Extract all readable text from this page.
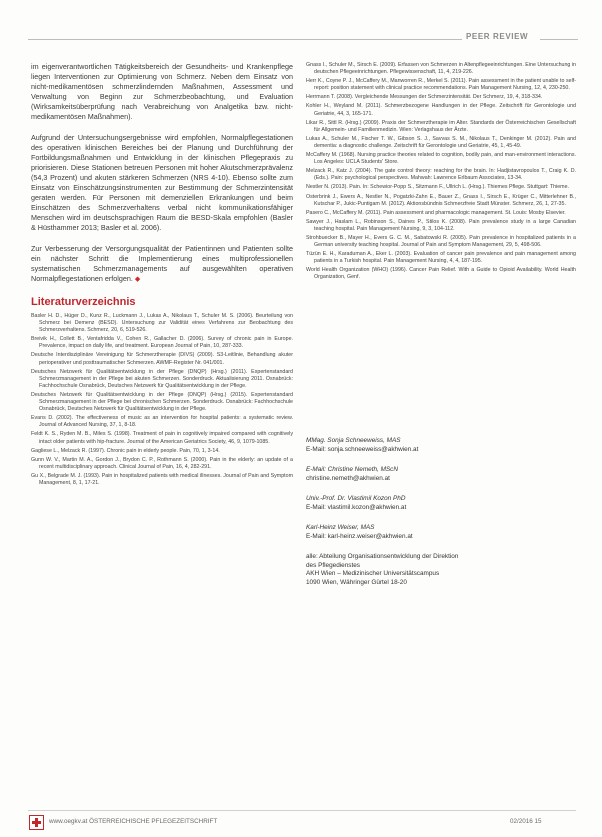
PEER REVIEW

im eigenverantwortlichen Tätigkeitsbereich der Gesundheits- und Krankenpflege liegen Interventionen zur Optimierung von Schmerz. Neben dem Einsatz von nicht-medikamentösen schmerzlindernden Maßnahmen, Assessment und Verwaltung von Beginn zur Schmerzbeobachtung, und Evaluation (Wirksamkeitsüberprüfung nach Verabreichung von Analgetika bzw. nicht-medikamentösen Maßnahmen).

Aufgrund der Untersuchungsergebnisse wird empfohlen, Normalpflegestationen des operativen klinischen Bereiches bei der Planung und Durchführung der Fortbildungsmaßnahmen und Entwicklung in der klinischen Pflegepraxis zu priorisieren. Diese Stationen betreuen Personen mit hoher Akutschmerzprävalenz (54,3 Prozent) und akuten stärkeren Schmerzen (NRS 4-10). Ebenso sollte zum Einsatz von Einschätzungsinstrumenten zur Bestimmung der Schmerzintensität geraten werden. Für Personen mit demenziellen Erkrankungen und beim Einschätzen des Schmerzverhaltens verbal nicht kommunikationsfähiger Menschen wird im deutschsprachigen Raum die BESD-Skala empfohlen (Basler & Hüsthammer 2013; Basler et al. 2006).

Zur Verbesserung der Versorgungsqualität der Patientinnen und Patienten sollte ein nächster Schritt die Implementierung eines multiprofessionellen systematischen Schmerzmanagements auf ausgewählten operativen Normalpflegestationen erfolgen. ◆

Literaturverzeichnis

Basler H. D., Hüger D., Kunz R., Luckmann J., Lukas A., Nikolaus T., Schuler M. S. (2006). Beurteilung von Schmerz bei Demenz (BESD). Untersuchung zur Validität eines Verfahrens zur Beobachtung des Schmerzverhaltens. Schmerz, 20, 6, 519-526.

Breivik H., Collett B., Ventafridda V., Cohen R., Gallacher D. (2006). Survey of chronic pain in Europe. Prevalence, impact on daily life, and treatment. European Journal of Pain, 10, 287-333.

Deutsche Interdisziplinäre Vereinigung für Schmerztherapie (DIVS) (2009). S3-Leitlinie, Behandlung akuter perioperativer und posttraumatischer Schmerzen. AWMF-Register Nr. 041/001.

Deutsches Netzwerk für Qualitätsentwicklung in der Pflege (DNQP) (Hrsg.) (2011). Expertenstandard Schmerzmanagement in der Pflege bei akuten Schmerzen. Sonderdruck. Aktualisierung 2011. Osnabrück: Fachhochschule Osnabrück, Deutsches Netzwerk für Qualitätsentwicklung in der Pflege.

Deutsches Netzwerk für Qualitätsentwicklung in der Pflege (DNQP) (Hrsg.) (2015). Expertenstandard Schmerzmanagement in der Pflege bei chronischen Schmerzen. Sonderdruck. Osnabrück: Fachhochschule Osnabrück, Deutsches Netzwerk für Qualitätsentwicklung in der Pflege.

Evans D. (2002). The effectiveness of music as an intervention for hospital patients: a systematic review. Journal of Advanced Nursing, 37, 1, 8-18.

Feldt K. S., Ryden M. B., Miles S. (1998). Treatment of pain in cognitively impaired compared with cognitively intact older patients with hip-fracture. Journal of the American Geriatrics Society, 46, 9, 1079-1085.

Gagliese L., Melzack R. (1997). Chronic pain in elderly people. Pain, 70, 1, 3-14.

Gunn W. V., Martin M. A., Gordon J., Brydon C. P., Rothmann S. (2000). Pain in the elderly: an update of a recent multidisciplinary approach. Clinical Journal of Pain, 16, 4, 282-291.

Gu X., Belgrade M. J. (1993). Pain in hospitalized patients with medical illnesses. Journal of Pain and Symptom Management, 8, 1, 17-21.

Gnass I., Schuler M., Sirsch E. (2009). Erfassen von Schmerzen in Altenpflegeeinrichtungen. Eine Untersuchung in deutschen Pflegeeinrichtungen. Pflegewissenschaft, 11, 4, 219-226.

Herr K., Coyne P. J., McCaffery M., Manworren R., Merkel S. (2011). Pain assessment in the patient unable to self-report: position statement with clinical practice recommendations. Pain Management Nursing, 12, 4, 230-250.

Herrmann T. (2008). Vergleichende Messungen der Schmerzintensität. Der Schmerz, 19, 4, 318-334.

Kohler H., Weyland M. (2011). Schmerzbezogene Handlungen in der Pflege. Zeitschrift für Gerontologie und Geriatrie, 44, 3, 165-171.

Likar R., Sittl R. (Hrsg.) (2009). Praxis der Schmerztherapie im Alter. Standards der Österreichischen Gesellschaft für Allgemein- und Familienmedizin. Wien: Verlagshaus der Ärzte.

Lukas A., Schuler M., Fischer T. W., Gibson S. J., Savvas S. M., Nikolaus T., Denkinger M. (2012). Pain and dementia: a diagnostic challenge. Zeitschrift für Gerontologie und Geriatrie, 45, 1, 45-49.

McCaffery M. (1968). Nursing practice theories related to cognition, bodily pain, and man-environment interactions. Los Angeles: UCLA Students' Store.

Melzack R., Katz J. (2004). The gate control theory: reaching for the brain. In: Hadjistavropoulos T., Craig K. D. (Eds.). Pain: psychological perspectives. Mahwah: Lawrence Erlbaum Associates, 13-34.

Nestler N. (2013). Pain. In: Schewior-Popp S., Sitzmann F., Ullrich L. (Hrsg.). Thiemes Pflege. Stuttgart: Thieme.

Osterbrink J., Ewers A., Nestler N., Pogatzki-Zahn E., Bauer Z., Gnass I., Sirsch E., Krüger C., Mitterlehner B., Kutschar P., Jukic-Puntigam M. (2012). Aktionsbündnis Schmerzfreie Stadt Münster. Schmerz, 26, 1, 27-35.

Pasero C., McCaffery M. (2011). Pain assessment and pharmacologic management. St. Louis: Mosby Elsevier.

Sawyer J., Haslam L., Robinson S., Daines P., Stilos K. (2008). Pain prevalence study in a large Canadian teaching hospital. Pain Management Nursing, 9, 3, 104-112.

Strohbuecker B., Mayer H., Evers G. C. M., Sabatowski R. (2005). Pain prevalence in hospitalized patients in a German university teaching hospital. Journal of Pain and Symptom Management, 29, 5, 498-506.

Tüzün E. H., Karaduman A., Eker L. (2003). Evaluation of cancer pain prevalence and pain management among patients in a Turkish hospital. Pain Management Nursing, 4, 4, 187-195.

World Health Organization (WHO) (1996). Cancer Pain Relief. With a Guide to Opioid Availability. World Health Organization, Genf.

MMag. Sonja Schneeweiss, MAS
E-Mail: sonja.schneeweiss@akhwien.at
E-Mail: Christine Nemeth, MScN
christine.nemeth@akhwien.at
Univ.-Prof. Dr. Vlastimil Kozon PhD
E-Mail: vlastimil.kozon@akhwien.at
Karl-Heinz Weiser, MAS
E-Mail: karl-heinz.weiser@akhwien.at
alle: Abteilung Organisationsentwicklung der Direktion
des Pflegedienstes
AKH Wien – Medizinischer Universitätscampus
1090 Wien, Währinger Gürtel 18-20
www.oegkv.at ÖSTERREICHISCHE PFLEGEZEITSCHRIFT	02/2016 15
